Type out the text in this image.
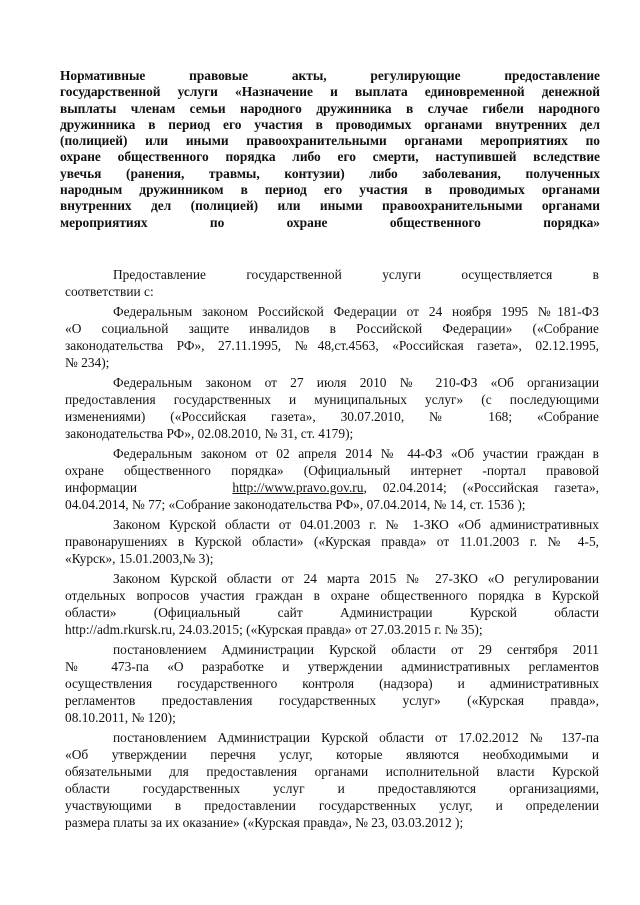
Нормативные правовые акты, регулирующие предоставление
государственной услуги «Назначение и выплата единовременной денежной
выплаты членам семьи народного дружинника в случае гибели народного
дружинника в период его участия в проводимых органами внутренних дел
(полицией) или иными правоохранительными органами мероприятиях по
охране общественного порядка либо его смерти, наступившей вследствие
увечья (ранения, травмы, контузии) либо заболевания, полученных
народным дружинником в период его участия в проводимых органами
внутренних дел (полицией) или иными правоохранительными органами
мероприятиях по охране общественного порядка»
Предоставление государственной услуги осуществляется в
соответствии с:
Федеральным законом Российской Федерации от 24 ноября 1995 №181-ФЗ
«О социальной защите инвалидов в Российской Федерации» («Собрание
законодательства РФ», 27.11.1995, №48,ст.4563, «Российская газета», 02.12.1995,
№ 234);
Федеральным законом от 27 июля 2010 № 210-ФЗ «Об организации
предоставления государственных и муниципальных услуг» (с последующими
изменениями) («Российская газета», 30.07.2010, № 168; «Собрание
законодательства РФ», 02.08.2010, № 31, ст. 4179);
Федеральным законом от 02 апреля 2014 № 44-ФЗ «Об участии граждан в
охране общественного порядка» (Официальный интернет -портал правовой
информации	http://www.pravo.gov.ru, 02.04.2014; («Российская газета»,
04.04.2014, № 77; «Собрание законодательства РФ», 07.04.2014, № 14, ст. 1536 );
Законом Курской области от 04.01.2003 г. № 1-ЗКО «Об административных
правонарушениях в Курской области» («Курская правда» от 11.01.2003 г. № 4-5,
«Курск», 15.01.2003,№ 3);
Законом Курской области от 24 марта 2015 № 27-ЗКО «О регулировании
отдельных вопросов участия граждан в охране общественного порядка в Курской
области» (Официальный сайт Администрации Курской области
http://adm.rkursk.ru, 24.03.2015; («Курская правда» от 27.03.2015 г. № 35);
постановлением Администрации Курской области от 29 сентября 2011
№ 473-па «О разработке и утверждении административных регламентов
осуществления государственного контроля (надзора) и административных
регламентов предоставления государственных услуг» («Курская правда»,
08.10.2011, № 120);
постановлением Администрации Курской области от 17.02.2012 № 137-па
«Об утверждении перечня услуг, которые являются необходимыми и
обязательными для предоставления органами исполнительной власти Курской
области государственных услуг и предоставляются организациями,
участвующими в предоставлении государственных услуг, и определении
размера платы за их оказание» («Курская правда», № 23, 03.03.2012 );
